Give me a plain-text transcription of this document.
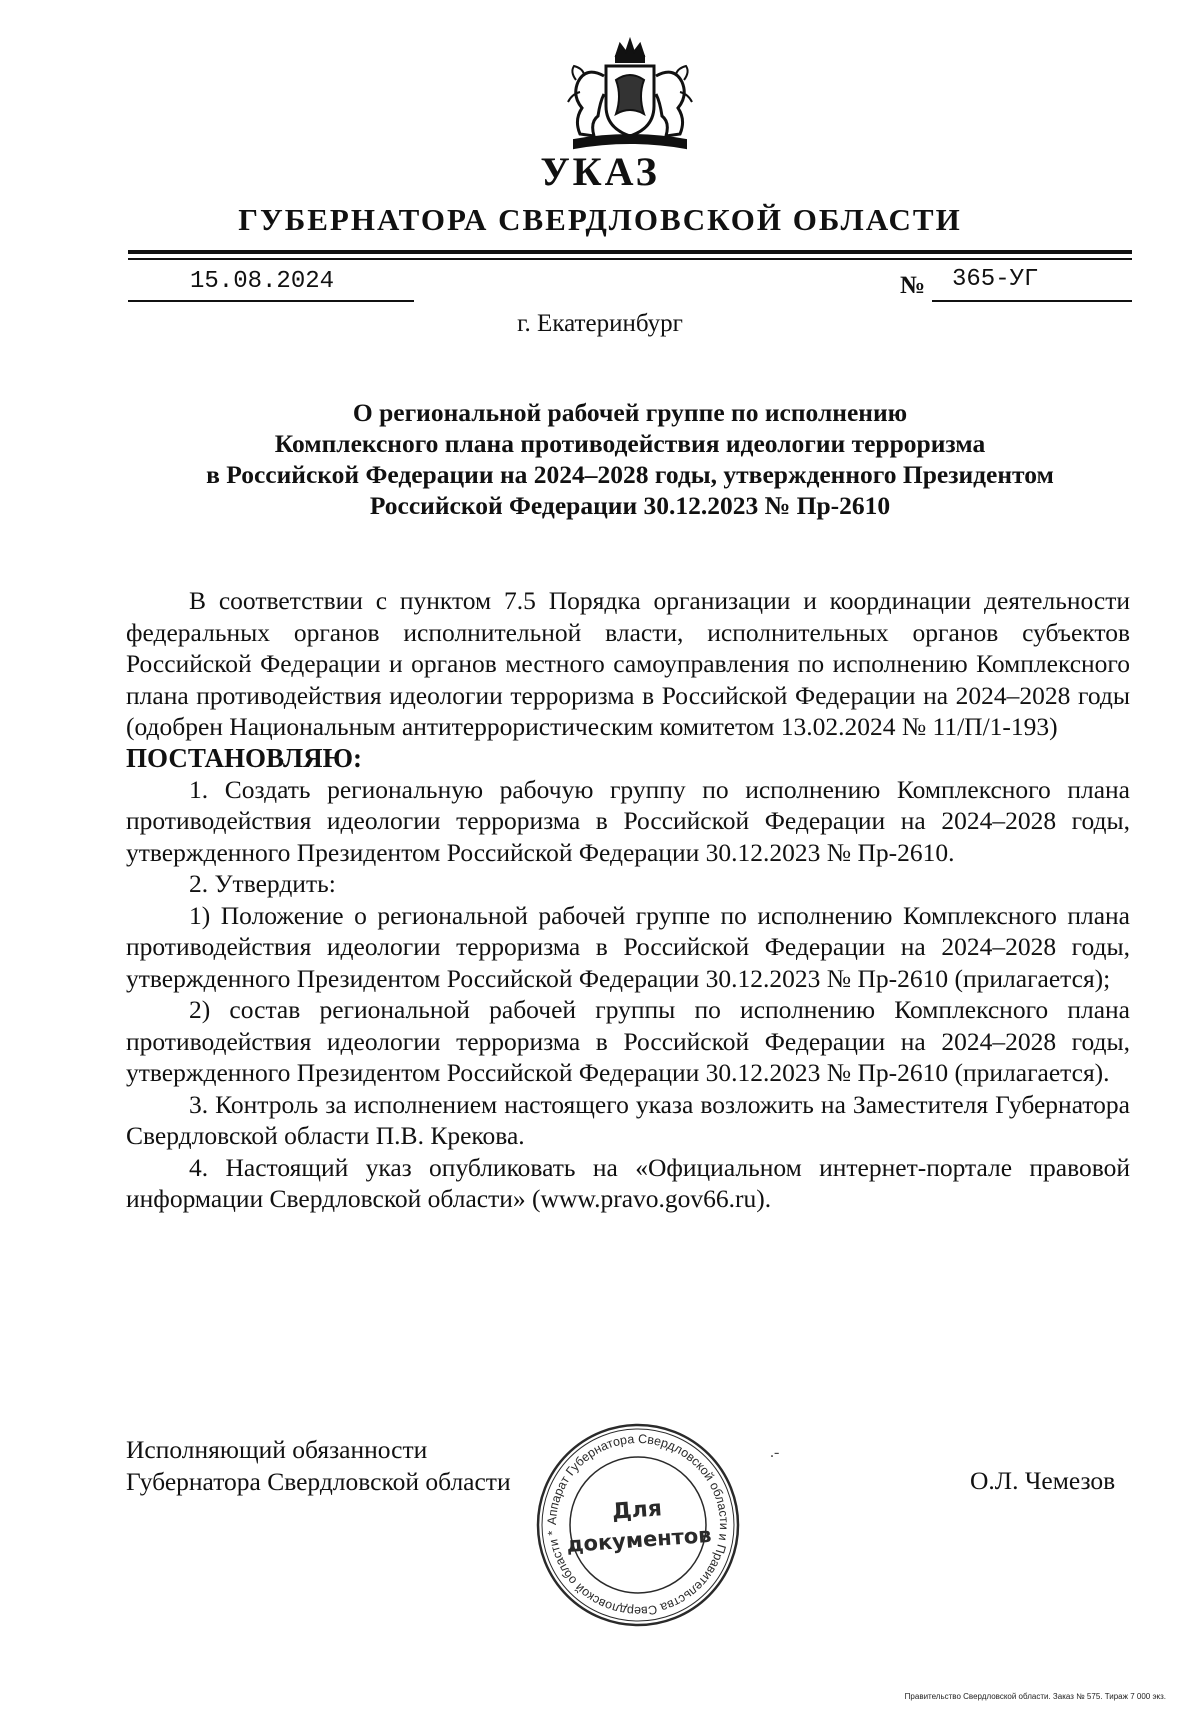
УКАЗ
ГУБЕРНАТОРА СВЕРДЛОВСКОЙ ОБЛАСТИ
15.08.2024	№ 365-УГ
г. Екатеринбург
О региональной рабочей группе по исполнению
Комплексного плана противодействия идеологии терроризма
в Российской Федерации на 2024–2028 годы, утвержденного Президентом
Российской Федерации 30.12.2023 № Пр-2610

В соответствии с пунктом 7.5 Порядка организации и координации деятельности федеральных органов исполнительной власти, исполнительных органов субъектов Российской Федерации и органов местного самоуправления по исполнению Комплексного плана противодействия идеологии терроризма в Российской Федерации на 2024–2028 годы (одобрен Национальным антитеррористическим комитетом 13.02.2024 № 11/П/1-193)

ПОСТАНОВЛЯЮ:

1. Создать региональную рабочую группу по исполнению Комплексного плана противодействия идеологии терроризма в Российской Федерации на 2024–2028 годы, утвержденного Президентом Российской Федерации 30.12.2023 № Пр-2610.

2. Утвердить:

1) Положение о региональной рабочей группе по исполнению Комплексного плана противодействия идеологии терроризма в Российской Федерации на 2024–2028 годы, утвержденного Президентом Российской Федерации 30.12.2023 № Пр-2610 (прилагается);

2) состав региональной рабочей группы по исполнению Комплексного плана противодействия идеологии терроризма в Российской Федерации на 2024–2028 годы, утвержденного Президентом Российской Федерации 30.12.2023 № Пр-2610 (прилагается).

3. Контроль за исполнением настоящего указа возложить на Заместителя Губернатора Свердловской области П.В. Крекова.

4. Настоящий указ опубликовать на «Официальном интернет-портале правовой информации Свердловской области» (www.pravo.gov66.ru).

Исполняющий обязанности
Губернатора Свердловской области
.-
О.Л. Чемезов
Аппарат Губернатора Свердловской области и Правительства Свердловской области *
Для
документов
Правительство Свердловской области. Заказ № 575. Тираж 7 000 экз.
